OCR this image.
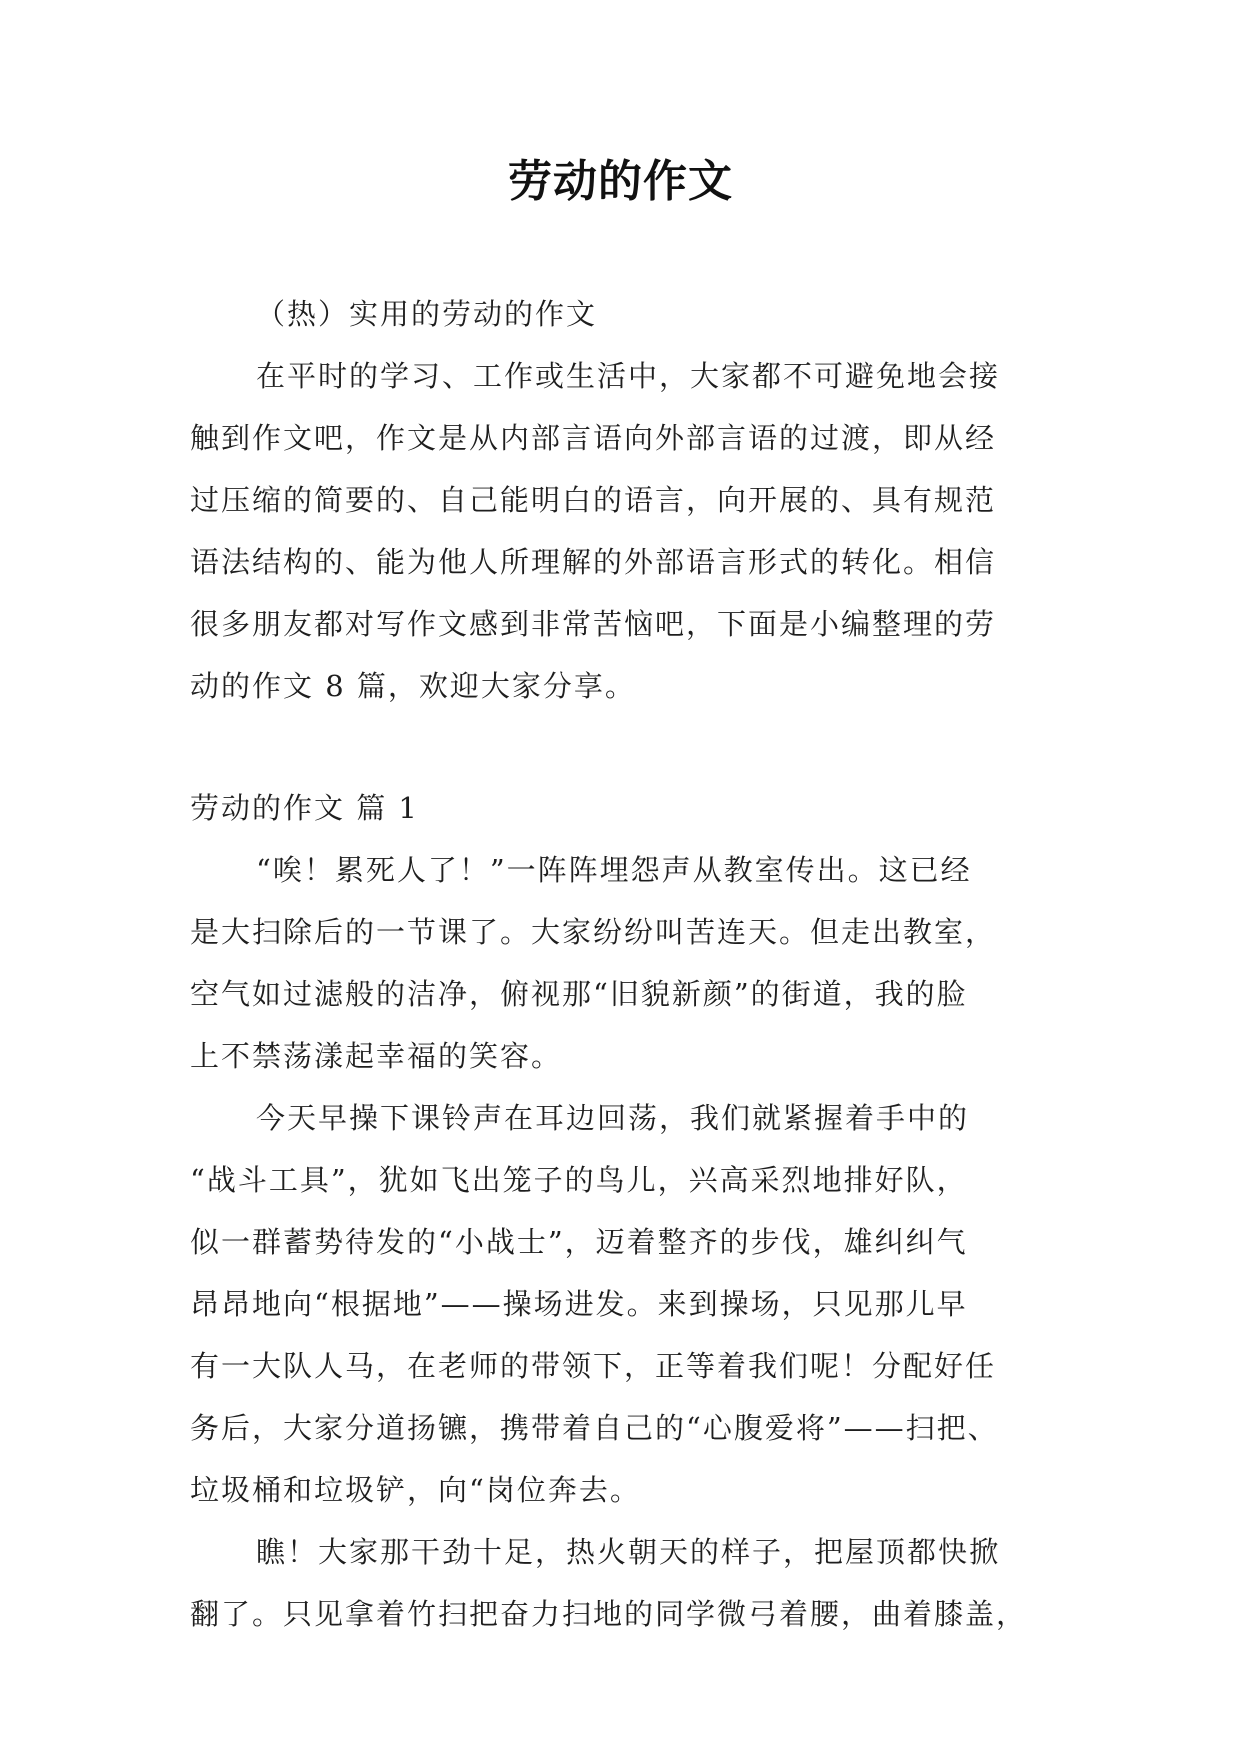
劳动的作文
（热）实用的劳动的作文
在平时的学习、工作或生活中，大家都不可避免地会接
触到作文吧，作文是从内部言语向外部言语的过渡，即从经
过压缩的简要的、自己能明白的语言，向开展的、具有规范
语法结构的、能为他人所理解的外部语言形式的转化。相信
很多朋友都对写作文感到非常苦恼吧，下面是小编整理的劳
动的作文 8 篇，欢迎大家分享。
劳动的作文 篇 1
“唉！累死人了！”一阵阵埋怨声从教室传出。这已经
是大扫除后的一节课了。大家纷纷叫苦连天。但走出教室，
空气如过滤般的洁净，俯视那“旧貌新颜”的街道，我的脸
上不禁荡漾起幸福的笑容。
今天早操下课铃声在耳边回荡，我们就紧握着手中的
“战斗工具”，犹如飞出笼子的鸟儿，兴高采烈地排好队，
似一群蓄势待发的“小战士”，迈着整齐的步伐，雄纠纠气
昂昂地向“根据地”——操场进发。来到操场，只见那儿早
有一大队人马，在老师的带领下，正等着我们呢！分配好任
务后，大家分道扬镳，携带着自己的“心腹爱将”——扫把、
垃圾桶和垃圾铲，向“岗位奔去。
瞧！大家那干劲十足，热火朝天的样子，把屋顶都快掀
翻了。只见拿着竹扫把奋力扫地的同学微弓着腰，曲着膝盖，
